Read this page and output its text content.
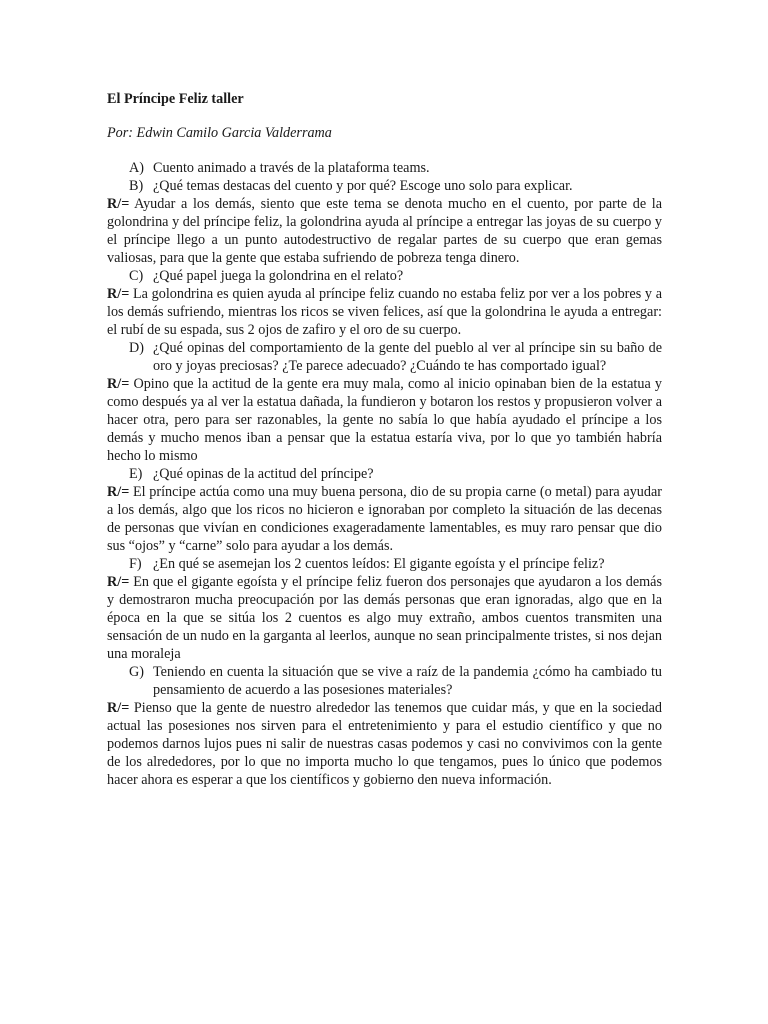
El Príncipe Feliz taller
Por: Edwin Camilo Garcia Valderrama
A) Cuento animado a través de la plataforma teams.
B) ¿Qué temas destacas del cuento y por qué? Escoge uno solo para explicar.

R/= Ayudar a los demás, siento que este tema se denota mucho en el cuento, por parte de la golondrina y del príncipe feliz, la golondrina ayuda al príncipe a entregar las joyas de su cuerpo y el príncipe llego a un punto autodestructivo de regalar partes de su cuerpo que eran gemas valiosas, para que la gente que estaba sufriendo de pobreza tenga dinero.

C) ¿Qué papel juega la golondrina en el relato?

R/= La golondrina es quien ayuda al príncipe feliz cuando no estaba feliz por ver a los pobres y a los demás sufriendo, mientras los ricos se viven felices, así que la golondrina le ayuda a entregar: el rubí de su espada, sus 2 ojos de zafiro y el oro de su cuerpo.

D) ¿Qué opinas del comportamiento de la gente del pueblo al ver al príncipe sin su baño de oro y joyas preciosas? ¿Te parece adecuado? ¿Cuándo te has comportado igual?

R/= Opino que la actitud de la gente era muy mala, como al inicio opinaban bien de la estatua y como después ya al ver la estatua dañada, la fundieron y botaron los restos y propusieron volver a hacer otra, pero para ser razonables, la gente no sabía lo que había ayudado el príncipe a los demás y mucho menos iban a pensar que la estatua estaría viva, por lo que yo también habría hecho lo mismo

E) ¿Qué opinas de la actitud del príncipe?

R/= El príncipe actúa como una muy buena persona, dio de su propia carne (o metal) para ayudar a los demás, algo que los ricos no hicieron e ignoraban por completo la situación de las decenas de personas que vivían en condiciones exageradamente lamentables, es muy raro pensar que dio sus “ojos” y “carne” solo para ayudar a los demás.

F) ¿En qué se asemejan los 2 cuentos leídos: El gigante egoísta y el príncipe feliz?

R/= En que el gigante egoísta y el príncipe feliz fueron dos personajes que ayudaron a los demás y demostraron mucha preocupación por las demás personas que eran ignoradas, algo que en la época en la que se sitúa los 2 cuentos es algo muy extraño, ambos cuentos transmiten una sensación de un nudo en la garganta al leerlos, aunque no sean principalmente tristes, si nos dejan una moraleja

G) Teniendo en cuenta la situación que se vive a raíz de la pandemia ¿cómo ha cambiado tu pensamiento de acuerdo a las posesiones materiales?

R/= Pienso que la gente de nuestro alrededor las tenemos que cuidar más, y que en la sociedad actual las posesiones nos sirven para el entretenimiento y para el estudio científico y que no podemos darnos lujos pues ni salir de nuestras casas podemos y casi no convivimos con la gente de los alrededores, por lo que no importa mucho lo que tengamos, pues lo único que podemos hacer ahora es esperar a que los científicos y gobierno den nueva información.
